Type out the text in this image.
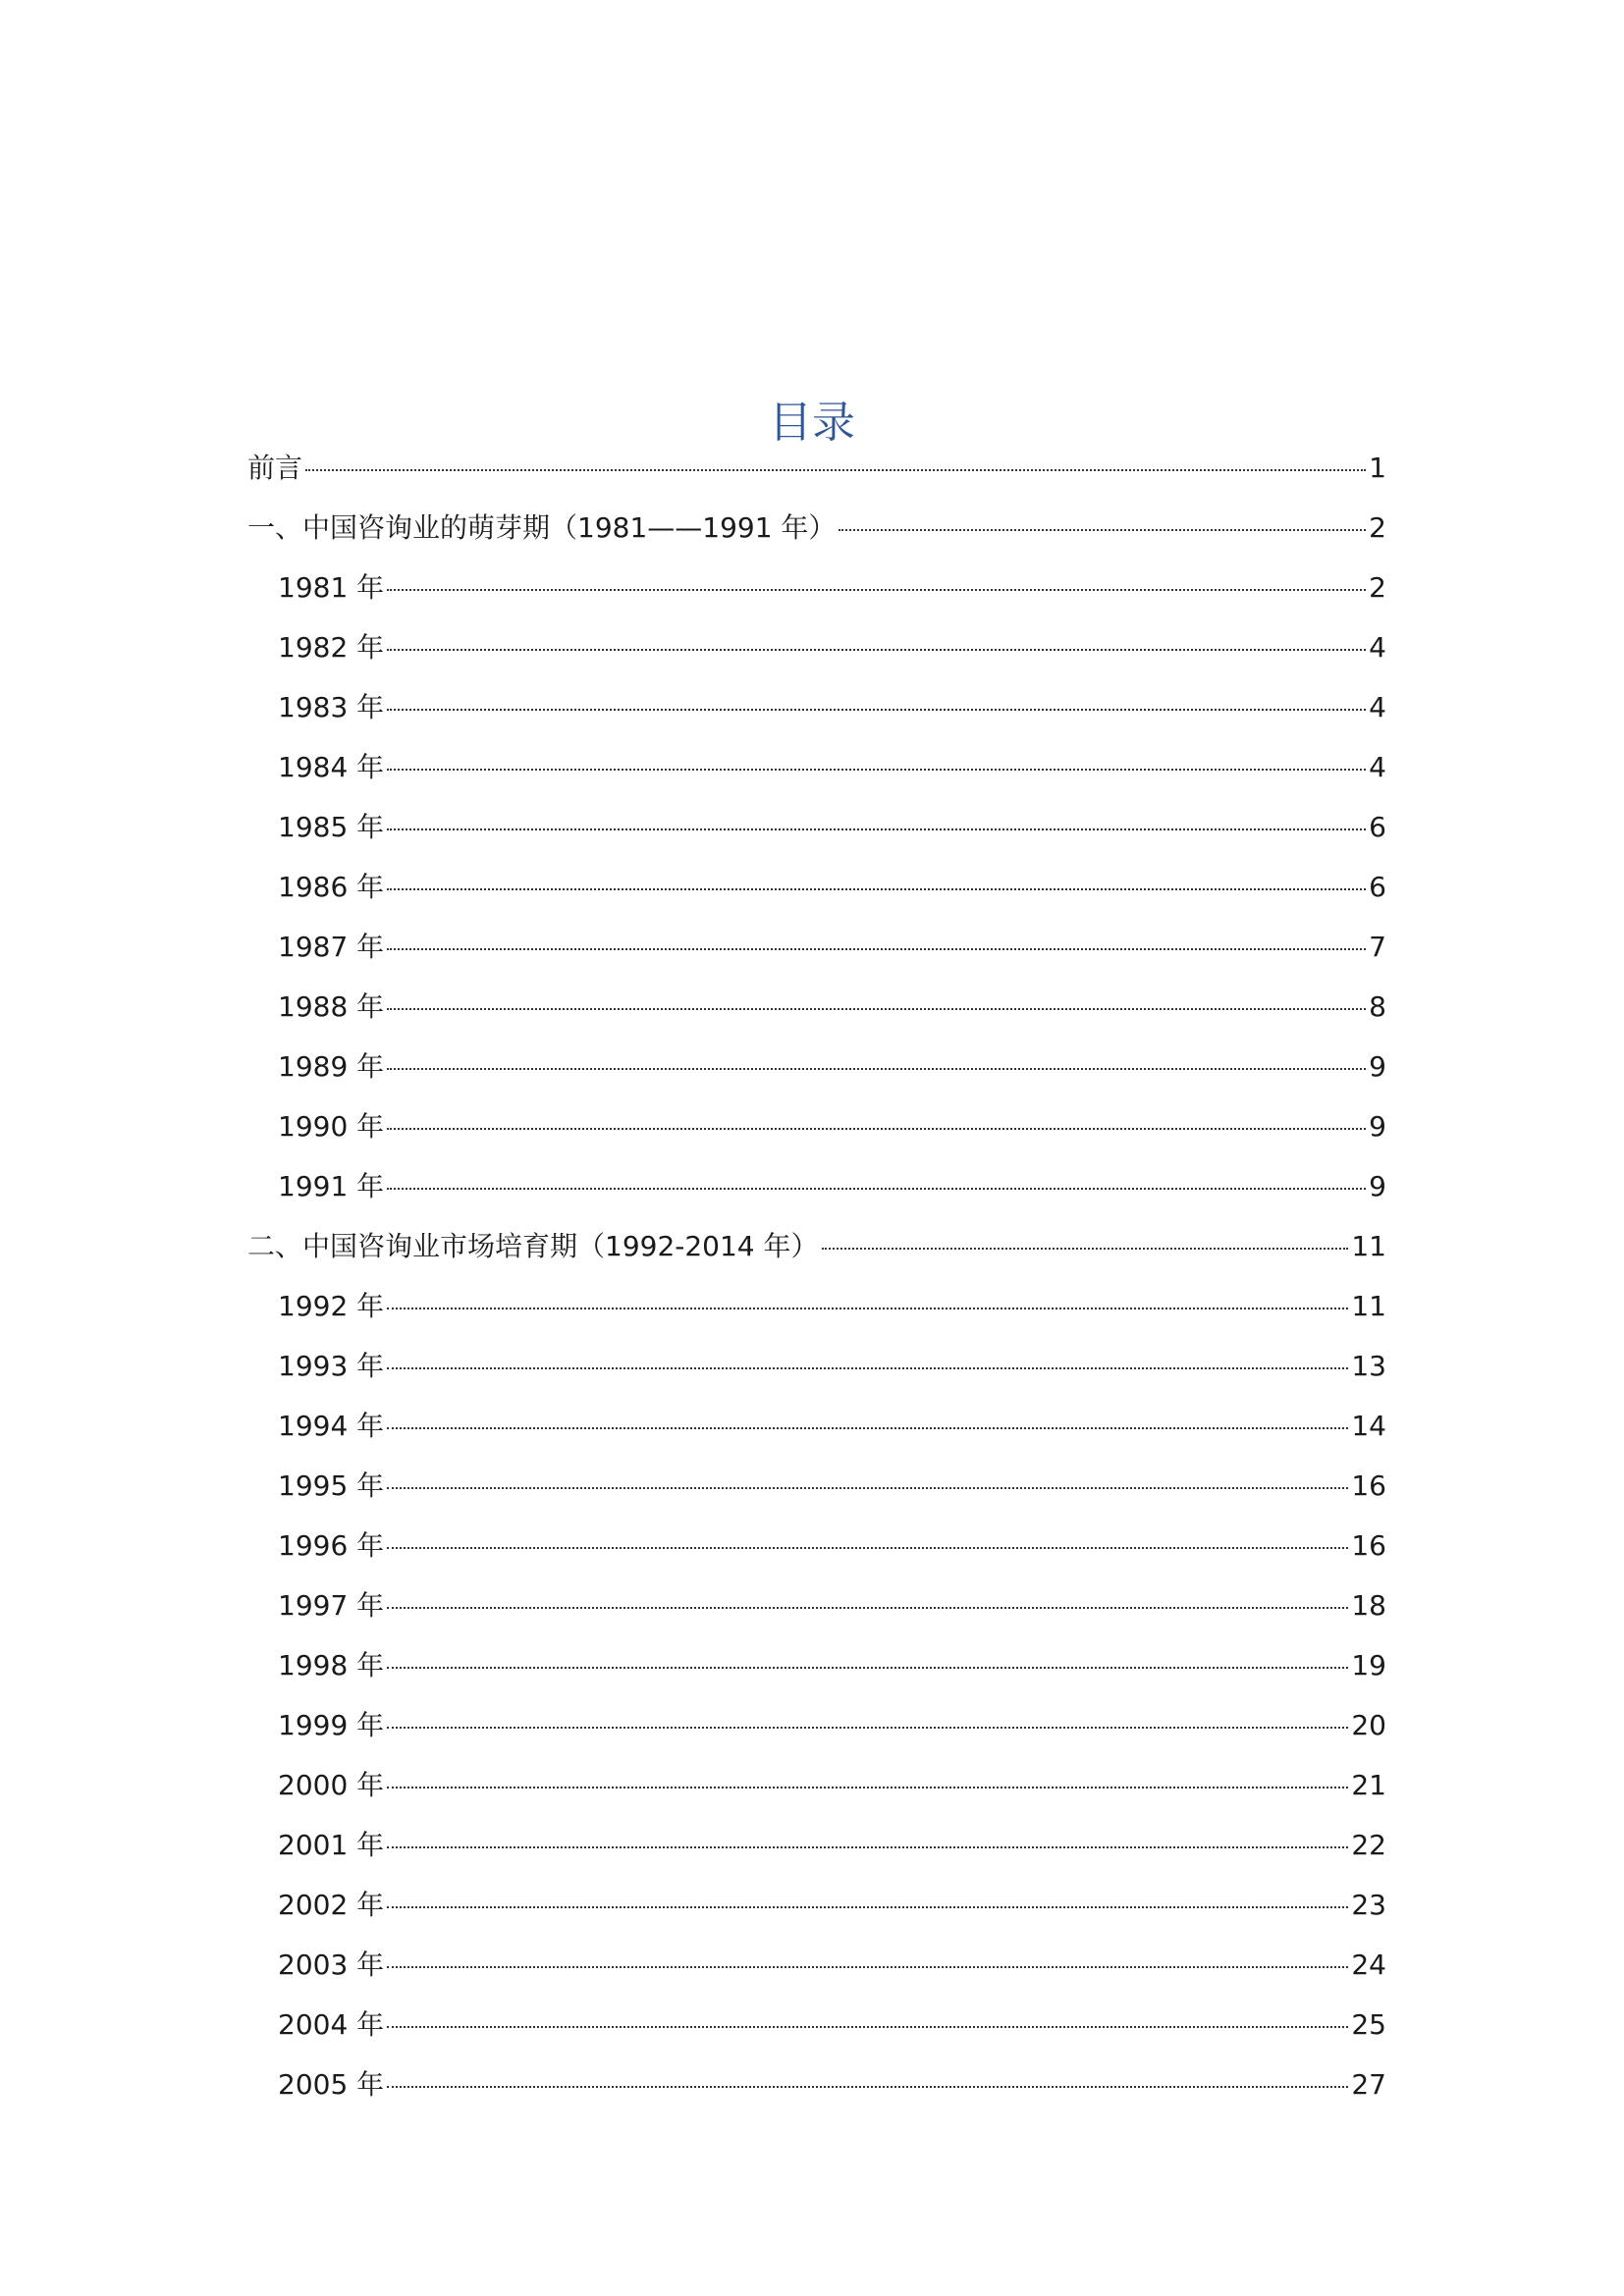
目录
前言	1
一、中国咨询业的萌芽期（1981——1991 年）	2
1981 年	2
1982 年	4
1983 年	4
1984 年	4
1985 年	6
1986 年	6
1987 年	7
1988 年	8
1989 年	9
1990 年	9
1991 年	9
二、中国咨询业市场培育期（1992-2014 年）	11
1992 年	11
1993 年	13
1994 年	14
1995 年	16
1996 年	16
1997 年	18
1998 年	19
1999 年	20
2000 年	21
2001 年	22
2002 年	23
2003 年	24
2004 年	25
2005 年	27
